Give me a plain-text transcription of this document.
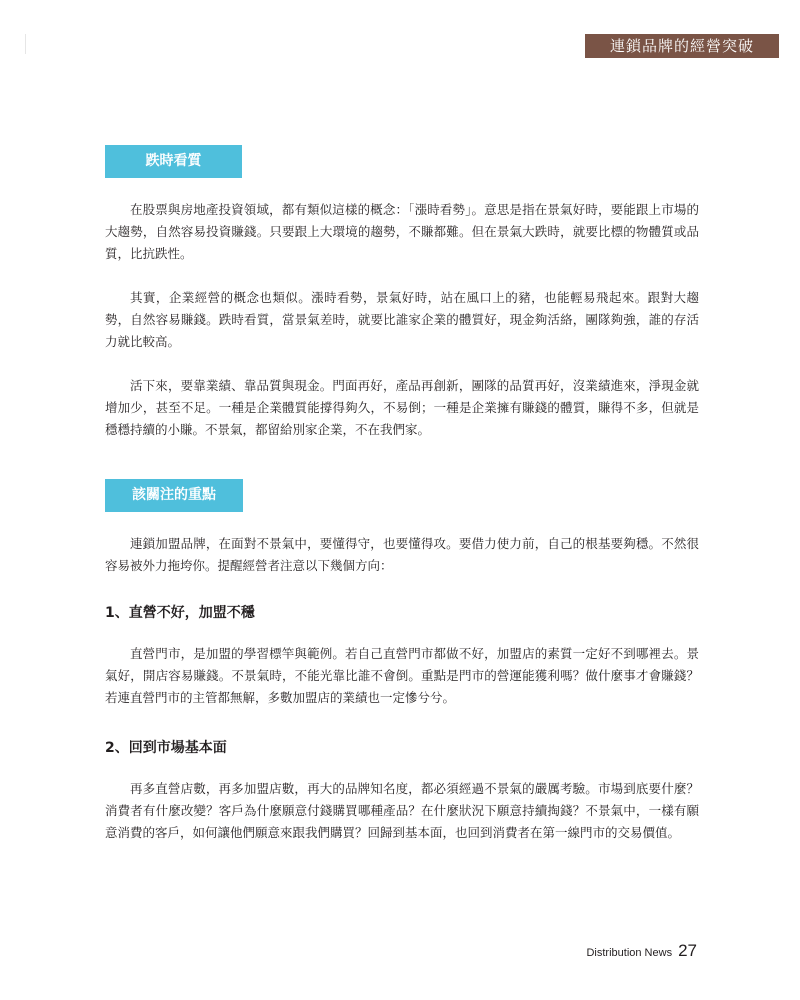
連鎖品牌的經營突破
跌時看質

在股票與房地產投資領域，都有類似這樣的概念：「漲時看勢」。意思是指在景氣好時，要能跟上市場的大趨勢，自然容易投資賺錢。只要跟上大環境的趨勢，不賺都難。但在景氣大跌時，就要比標的物體質或品質，比抗跌性。

其實，企業經營的概念也類似。漲時看勢，景氣好時，站在風口上的豬，也能輕易飛起來。跟對大趨勢，自然容易賺錢。跌時看質，當景氣差時，就要比誰家企業的體質好，現金夠活絡，團隊夠強，誰的存活力就比較高。

活下來，要靠業績、靠品質與現金。門面再好，產品再創新，團隊的品質再好，沒業績進來，淨現金就增加少，甚至不足。一種是企業體質能撐得夠久，不易倒；一種是企業擁有賺錢的體質，賺得不多，但就是穩穩持續的小賺。不景氣，都留給別家企業，不在我們家。

該關注的重點

連鎖加盟品牌，在面對不景氣中，要懂得守，也要懂得攻。要借力使力前，自己的根基要夠穩。不然很容易被外力拖垮你。提醒經營者注意以下幾個方向：

1、直營不好，加盟不穩

直營門市，是加盟的學習標竿與範例。若自己直營門市都做不好，加盟店的素質一定好不到哪裡去。景氣好，開店容易賺錢。不景氣時，不能光靠比誰不會倒。重點是門市的營運能獲利嗎？做什麼事才會賺錢？若連直營門市的主管都無解，多數加盟店的業績也一定慘兮兮。

2、回到市場基本面

再多直營店數，再多加盟店數，再大的品牌知名度，都必須經過不景氣的嚴厲考驗。市場到底要什麼？消費者有什麼改變？客戶為什麼願意付錢購買哪種產品？在什麼狀況下願意持續掏錢？不景氣中，一樣有願意消費的客戶，如何讓他們願意來跟我們購買？回歸到基本面，也回到消費者在第一線門市的交易價值。

Distribution News 27
